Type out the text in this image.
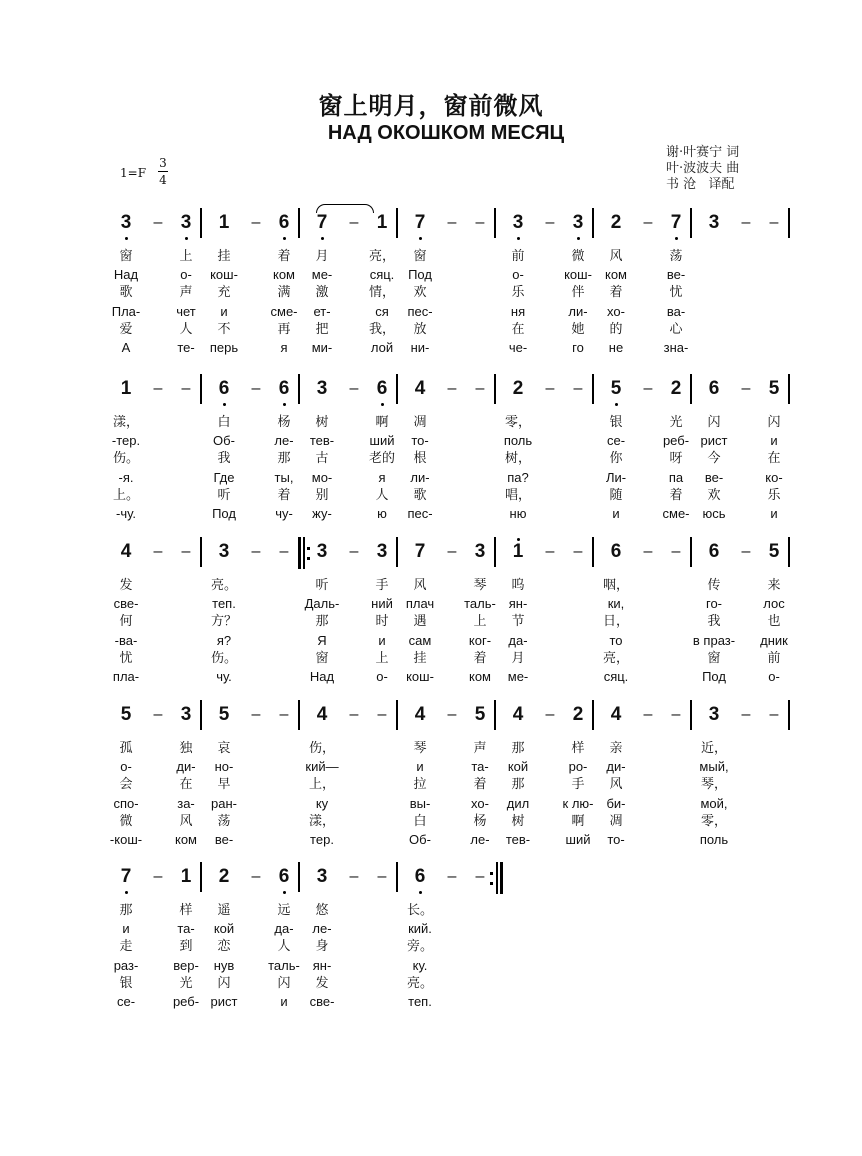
窗上明月，窗前微风
НАД ОКОШКОМ МЕСЯЦ
谢·叶赛宁 词
叶·波波夫 曲
书 沧   译配
1=F
3
4
3 – 3 1 – 6 7 – 1 7 – – 3 – 3 2 – 7 3 – –
窗	上	挂	着	月	亮，	窗	前	微	风	荡
Над	о-	кош-	ком	ме-	сяц.	Под	о-	кош-	ком	ве-
歌	声	充	满	激	情，	欢	乐	伴	着	忧
Пла-	чет	и	сме-	ет-	ся	пес-	ня	ли-	хо-	ва-
爱	人	不	再	把	我，	放	在	她	的	心
А	те-	перь	я	ми-	лой	ни-	че-	го	не	зна-
1 – – 6 – 6 3 – 6 4 – – 2 – – 5 – 2 6 – 5
漾，	白	杨	树	啊	凋	零，	银	光	闪	闪
-тер.	Об-	ле-	тев-	ший	то-	поль	се-	реб- рист	и
伤。	我	那	古	老的	根	树，	你	呀	今	在
-я.	Где	ты,	мо-	я	ли-	па?	Ли-	па	ве-	ко-
上。	听	着	别	人	歌	唱，	随	着	欢	乐
-чу.	Под	чу-	жу-	ю	пес-	ню	и	сме- юсь	и
4 – – 3 – – 3 – 3 7 – 3 1 – – 6 – – 6 – 5
发	亮。	听	手	风	琴	呜	咽，	传	来
све-	теп.	Даль-	ний плач	таль- ян-	ки,	го-	лос
何	方？	那	时	遇	上	节	日，	我	也
-ва-	я?	Я	и	сам	ког-	да-	то	в праз-	дник
忧	伤。	窗	上	挂	着	月	亮，	窗	前
пла-	чу.	Над	о-	кош-	ком	ме-	сяц.	Под	о-
5 – 3 5 – – 4 – – 4 – 5 4 – 2 4 – – 3 – –
孤	独	哀	伤，	琴	声	那	样	亲	近，
о-	ди-	но-	кий—	и	та-	кой	ро-	ди-	мый,
会	在	早	上，	拉	着	那	手	风	琴，
спо-	за-	ран-	ку	вы-	хо-	дил	к лю- би-	мой,
微	风	荡	漾，	白	杨	树	啊	凋	零，
-кош-	ком	ве-	тер.	Об-	ле-	тев-	ший	то-	поль
7 – 1 2 – 6 3 – – 6 – –
那	样	遥	远	悠	长。
и	та-	кой	да-	ле-	кий.
走	到	恋	人	身	旁。
раз-	вер-	нув	таль- ян-	ку.
银	光	闪	闪	发	亮。
се-	реб- рист	и	све-	теп.
